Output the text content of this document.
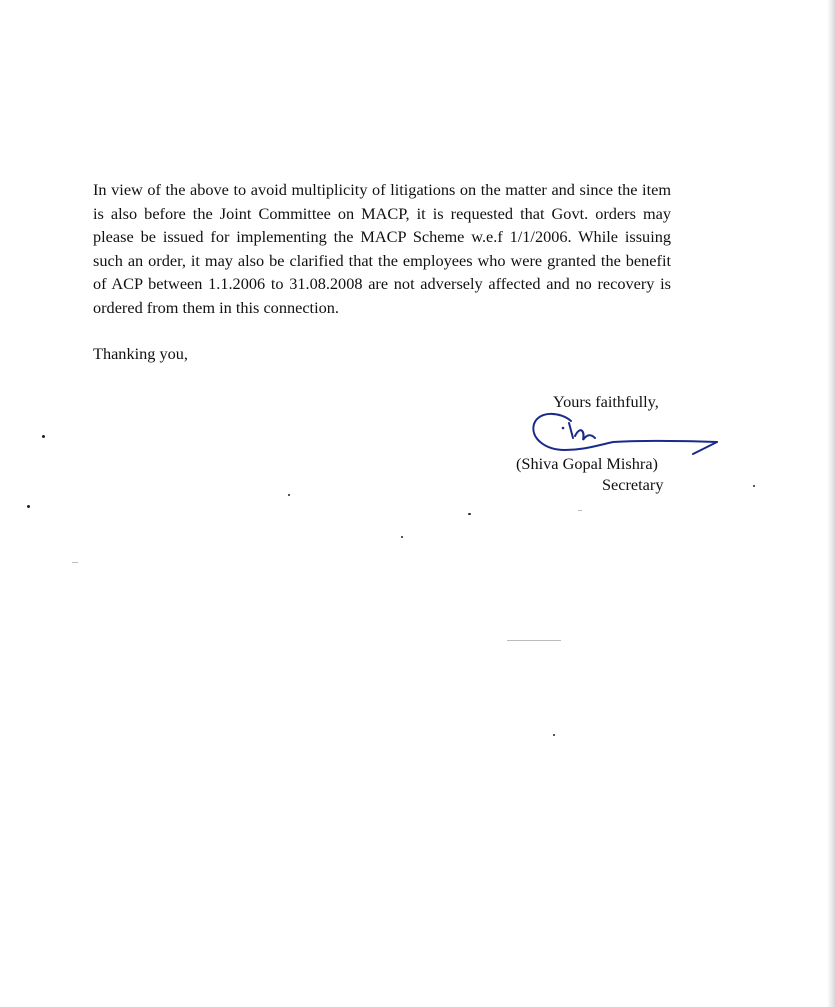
In view of the above to avoid multiplicity of litigations on the matter and since the item is also before the Joint Committee on MACP, it is requested that Govt. orders may please be issued for implementing the MACP Scheme w.e.f 1/1/2006. While issuing such an order, it may also be clarified that the employees who were granted the benefit of ACP between 1.1.2006 to 31.08.2008 are not adversely affected and no recovery is ordered from them in this connection.

Thanking you,

Yours faithfully,

(Shiva Gopal Mishra)

Secretary
